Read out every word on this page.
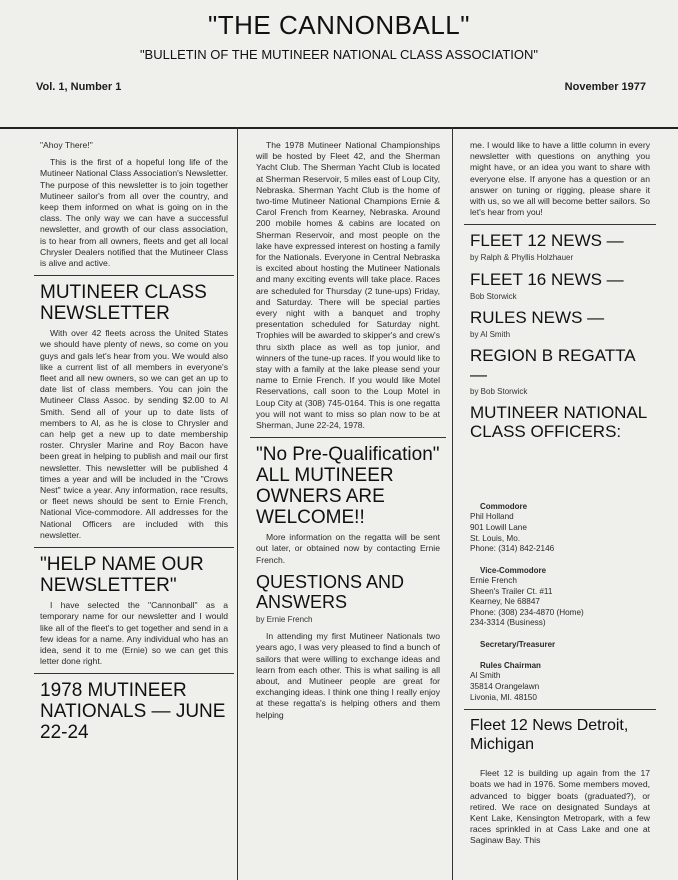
"THE CANNONBALL"
"BULLETIN OF THE MUTINEER NATIONAL CLASS ASSOCIATION"
Vol. 1, Number 1	November 1977

"Ahoy There!"

This is the first of a hopeful long life of the Mutineer National Class Association's Newsletter. The purpose of this newsletter is to join together Mutineer sailor's from all over the country, and keep them informed on what is going on in the class. The only way we can have a successful newsletter, and growth of our class association, is to hear from all owners, fleets and get all local Chrysler Dealers notified that the Mutineer Class is alive and active.

MUTINEER CLASS NEWSLETTER

With over 42 fleets across the United States we should have plenty of news, so come on you guys and gals let's hear from you. We would also like a current list of all members in everyone's fleet and all new owners, so we can get an up to date list of class members. You can join the Mutineer Class Assoc. by sending $2.00 to Al Smith. Send all of your up to date lists of members to Al, as he is close to Chrysler and can help get a new up to date membership roster. Chrysler Marine and Roy Bacon have been great in helping to publish and mail our first newsletter. This newsletter will be published 4 times a year and will be included in the "Crows Nest" twice a year. Any information, race results, or fleet news should be sent to Ernie French, National Vice-commodore. All addresses for the National Officers are included with this newsletter.

"HELP NAME OUR NEWSLETTER"

I have selected the "Cannonball" as a temporary name for our newsletter and I would like all of the fleet's to get together and send in a few ideas for a name. Any individual who has an idea, send it to me (Ernie) so we can get this letter done right.

1978 MUTINEER NATIONALS — JUNE 22-24

The 1978 Mutineer National Championships will be hosted by Fleet 42, and the Sherman Yacht Club. The Sherman Yacht Club is located at Sherman Reservoir, 5 miles east of Loup City, Nebraska. Sherman Yacht Club is the home of two-time Mutineer National Champions Ernie & Carol French from Kearney, Nebraska. Around 200 mobile homes & cabins are located on Sherman Reservoir, and most people on the lake have expressed interest on hosting a family for the Nationals. Everyone in Central Nebraska is excited about hosting the Mutineer Nationals and many exciting events will take place. Races are scheduled for Thursday (2 tune-ups) Friday, and Saturday. There will be special parties every night with a banquet and trophy presentation scheduled for Saturday night. Trophies will be awarded to skipper's and crew's thru sixth place as well as top junior, and winners of the tune-up races. If you would like to stay with a family at the lake please send your name to Ernie French. If you would like Motel Reservations, call soon to the Loup Motel in Loup City at (308) 745-0164. This is one regatta you will not want to miss so plan now to be at Sherman, June 22-24, 1978.

"No Pre-Qualification" ALL MUTINEER OWNERS ARE WELCOME!!

More information on the regatta will be sent out later, or obtained now by contacting Ernie French.

QUESTIONS AND ANSWERS
by Ernie French

In attending my first Mutineer Nationals two years ago, I was very pleased to find a bunch of sailors that were willing to exchange ideas and learn from each other. This is what sailing is all about, and Mutineer people are great for exchanging ideas. I think one thing I really enjoy at these regatta's is helping others and them helping

me. I would like to have a little column in every newsletter with questions on anything you might have, or an idea you want to share with everyone else. If anyone has a question or an answer on tuning or rigging, please share it with us, so we all will become better sailors. So let's hear from you!

FLEET 12 NEWS —
by Ralph & Phyllis Holzhauer
FLEET 16 NEWS —
Bob Storwick
RULES NEWS —
by Al Smith
REGION B REGATTA —
by Bob Storwick
MUTINEER NATIONAL CLASS OFFICERS:

Commodore

Phil Holland
901 Lowill Lane
St. Louis, Mo.
Phone: (314) 842-2146

Vice-Commodore

Ernie French
Sheen's Trailer Ct. #11
Kearney, Ne 68847
Phone: (308) 234-4870 (Home)
234-3314 (Business)

Secretary/Treasurer

Rules Chairman

Al Smith
35814 Orangelawn
Livonia, MI. 48150
Fleet 12 News Detroit, Michigan

Fleet 12 is building up again from the 17 boats we had in 1976. Some members moved, advanced to bigger boats (graduated?), or retired. We race on designated Sundays at Kent Lake, Kensington Metropark, with a few races sprinkled in at Cass Lake and one at Saginaw Bay. This
